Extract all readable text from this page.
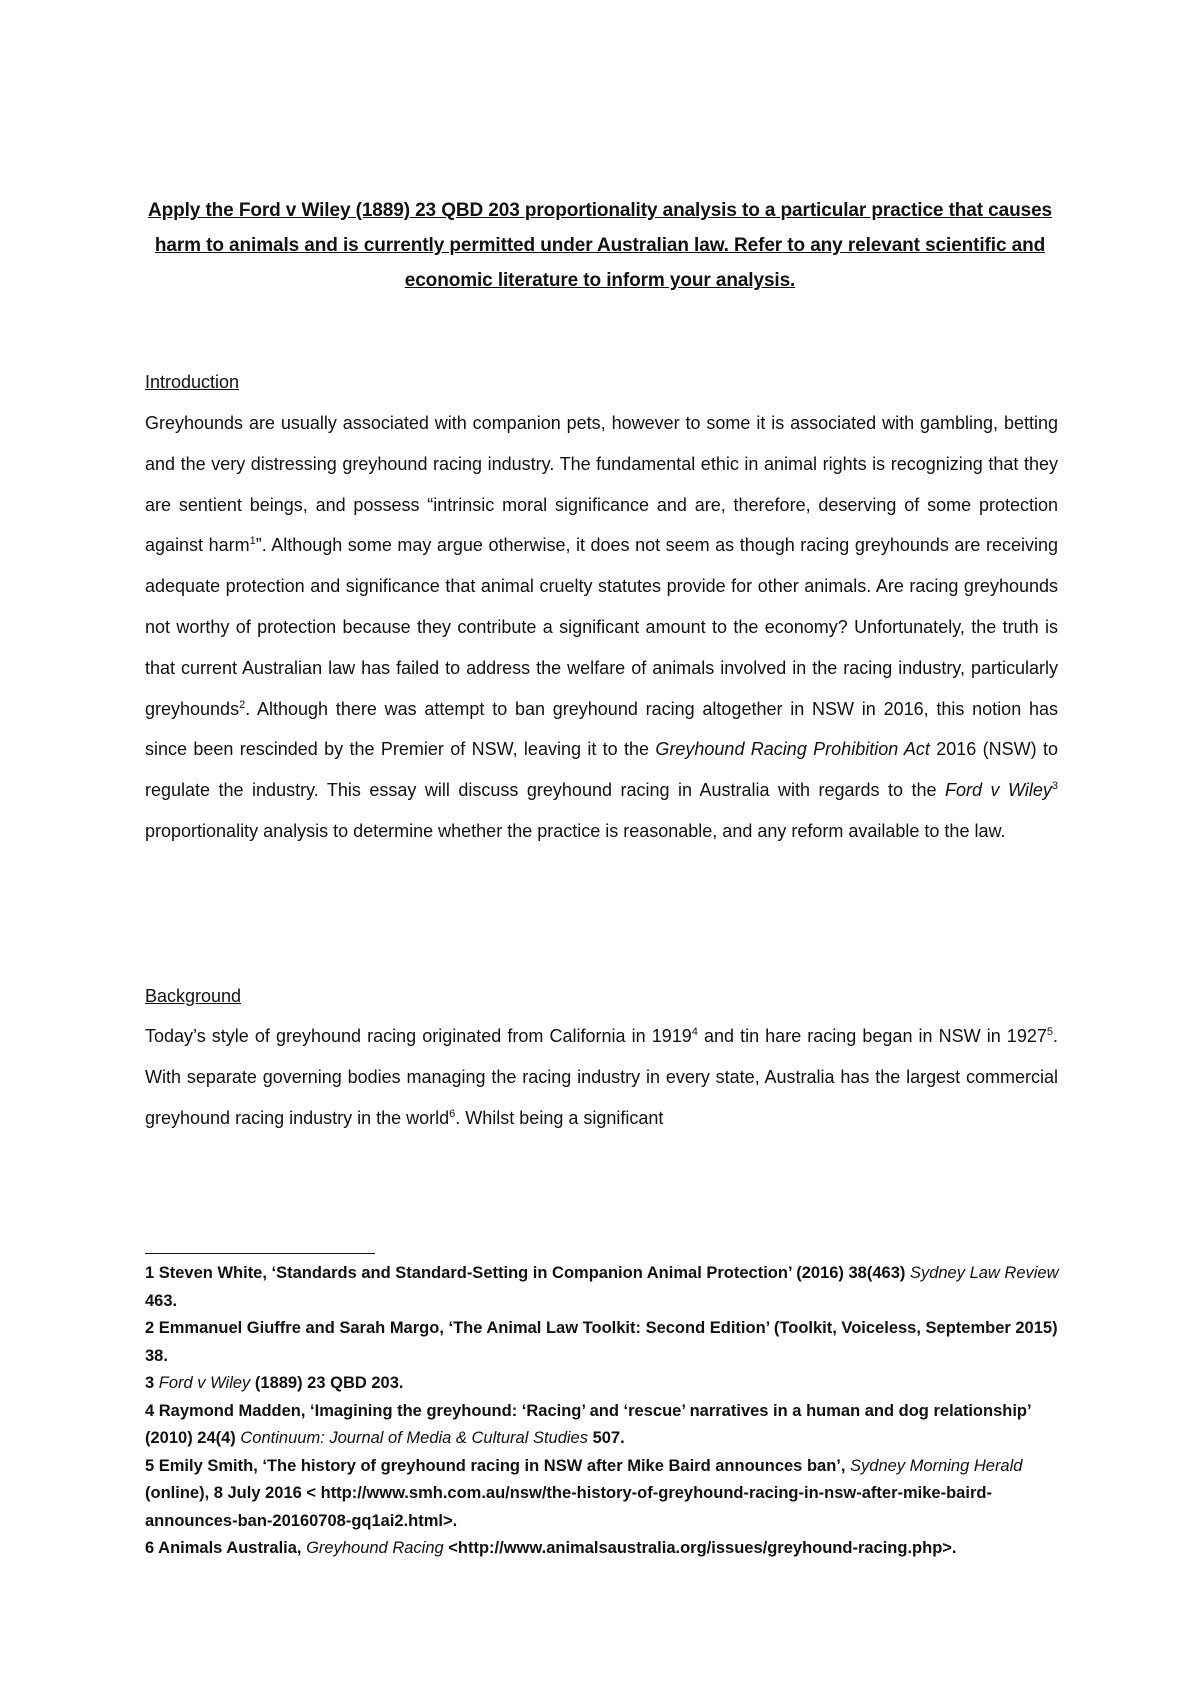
Apply the Ford v Wiley (1889) 23 QBD 203 proportionality analysis to a particular practice that causes harm to animals and is currently permitted under Australian law. Refer to any relevant scientific and economic literature to inform your analysis.
Introduction
Greyhounds are usually associated with companion pets, however to some it is associated with gambling, betting and the very distressing greyhound racing industry. The fundamental ethic in animal rights is recognizing that they are sentient beings, and possess “intrinsic moral significance and are, therefore, deserving of some protection against harm$^1$”. Although some may argue otherwise, it does not seem as though racing greyhounds are receiving adequate protection and significance that animal cruelty statutes provide for other animals. Are racing greyhounds not worthy of protection because they contribute a significant amount to the economy? Unfortunately, the truth is that current Australian law has failed to address the welfare of animals involved in the racing industry, particularly greyhounds$^2$. Although there was attempt to ban greyhound racing altogether in NSW in 2016, this notion has since been rescinded by the Premier of NSW, leaving it to the Greyhound Racing Prohibition Act 2016 (NSW) to regulate the industry. This essay will discuss greyhound racing in Australia with regards to the Ford v Wiley$^3$ proportionality analysis to determine whether the practice is reasonable, and any reform available to the law.
Background
Today’s style of greyhound racing originated from California in 1919$^4$ and tin hare racing began in NSW in 1927$^5$. With separate governing bodies managing the racing industry in every state, Australia has the largest commercial greyhound racing industry in the world$^6$. Whilst being a significant
1 Steven White, ‘Standards and Standard-Setting in Companion Animal Protection’ (2016) 38(463) Sydney Law Review 463.
2 Emmanuel Giuffre and Sarah Margo, ‘The Animal Law Toolkit: Second Edition’ (Toolkit, Voiceless, September 2015) 38.
3 Ford v Wiley (1889) 23 QBD 203.
4 Raymond Madden, ‘Imagining the greyhound: ‘Racing’ and ‘rescue’ narratives in a human and dog relationship’ (2010) 24(4) Continuum: Journal of Media & Cultural Studies 507.
5 Emily Smith, ‘The history of greyhound racing in NSW after Mike Baird announces ban’, Sydney Morning Herald (online), 8 July 2016 < http://www.smh.com.au/nsw/the-history-of-greyhound-racing-in-nsw-after-mike-baird-announces-ban-20160708-gq1ai2.html>.
6 Animals Australia, Greyhound Racing <http://www.animalsaustralia.org/issues/greyhound-racing.php>.
